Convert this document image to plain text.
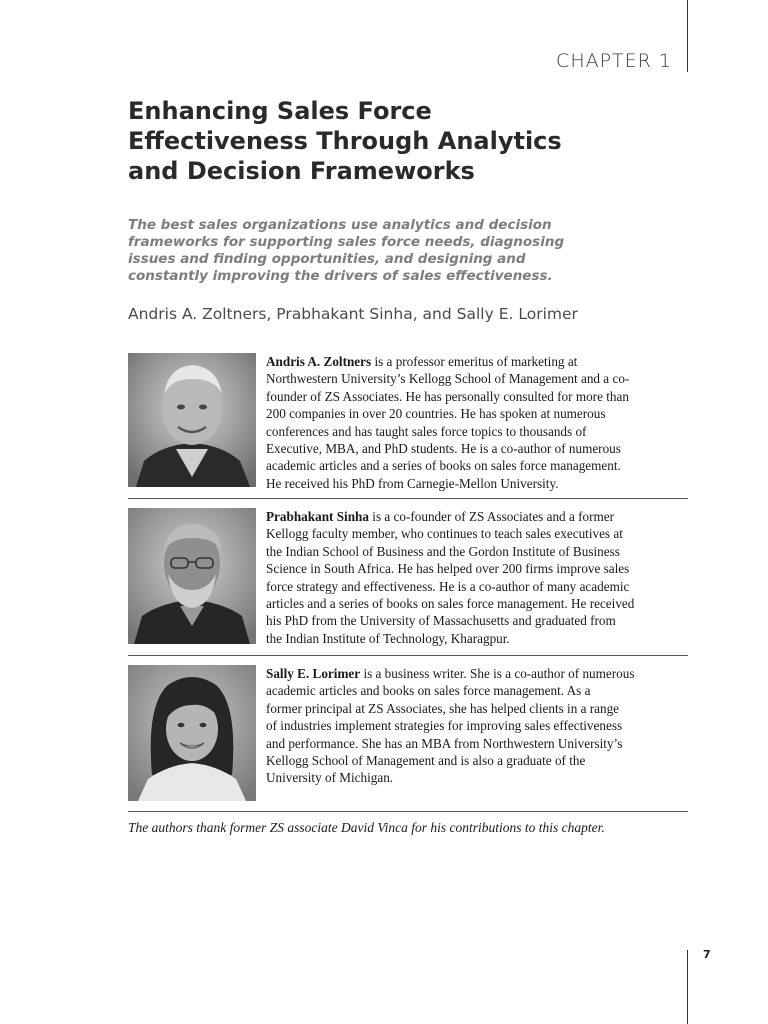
CHAPTER 1
Enhancing Sales Force
Effectiveness Through Analytics
and Decision Frameworks

The best sales organizations use analytics and decision
frameworks for supporting sales force needs, diagnosing
issues and finding opportunities, and designing and
constantly improving the drivers of sales effectiveness.

Andris A. Zoltners, Prabhakant Sinha, and Sally E. Lorimer

Andris A. Zoltners is a professor emeritus of marketing at
Northwestern University’s Kellogg School of Management and a co-
founder of ZS Associates. He has personally consulted for more than
200 companies in over 20 countries. He has spoken at numerous
conferences and has taught sales force topics to thousands of
Executive, MBA, and PhD students. He is a co-author of numerous
academic articles and a series of books on sales force management.
He received his PhD from Carnegie-Mellon University.

Prabhakant Sinha is a co-founder of ZS Associates and a former
Kellogg faculty member, who continues to teach sales executives at
the Indian School of Business and the Gordon Institute of Business
Science in South Africa. He has helped over 200 firms improve sales
force strategy and effectiveness. He is a co-author of many academic
articles and a series of books on sales force management. He received
his PhD from the University of Massachusetts and graduated from
the Indian Institute of Technology, Kharagpur.

Sally E. Lorimer is a business writer. She is a co-author of numerous
academic articles and books on sales force management. As a
former principal at ZS Associates, she has helped clients in a range
of industries implement strategies for improving sales effectiveness
and performance. She has an MBA from Northwestern University’s
Kellogg School of Management and is also a graduate of the
University of Michigan.

The authors thank former ZS associate David Vinca for his contributions to this chapter.
7
